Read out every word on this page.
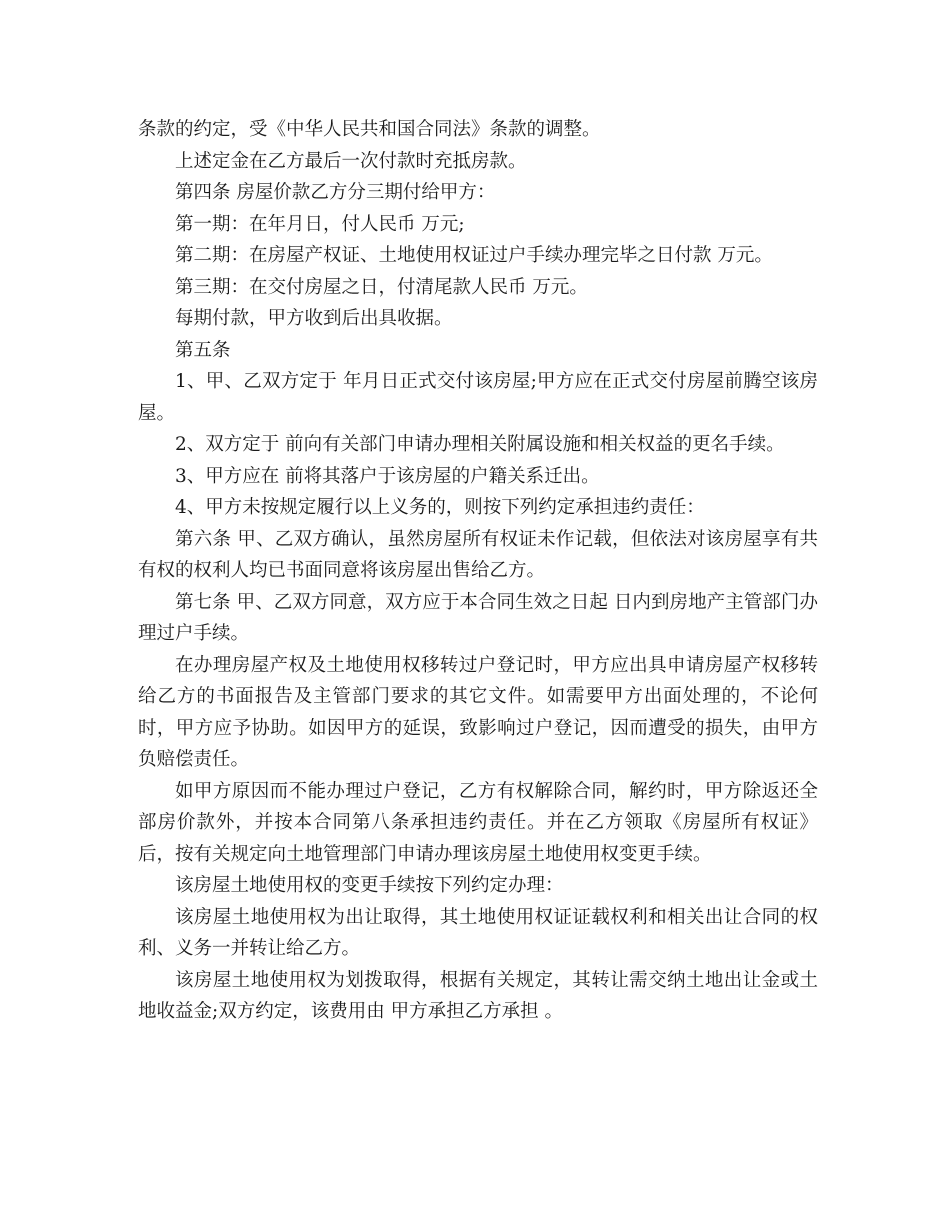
条款的约定，受《中华人民共和国合同法》条款的调整。

上述定金在乙方最后一次付款时充抵房款。

第四条 房屋价款乙方分三期付给甲方：

第一期：在年月日，付人民币 万元;

第二期：在房屋产权证、土地使用权证过户手续办理完毕之日付款 万元。

第三期：在交付房屋之日，付清尾款人民币 万元。

每期付款，甲方收到后出具收据。

第五条

1、甲、乙双方定于 年月日正式交付该房屋;甲方应在正式交付房屋前腾空该房屋。

2、双方定于 前向有关部门申请办理相关附属设施和相关权益的更名手续。

3、甲方应在 前将其落户于该房屋的户籍关系迁出。

4、甲方未按规定履行以上义务的，则按下列约定承担违约责任：

第六条 甲、乙双方确认，虽然房屋所有权证未作记载，但依法对该房屋享有共有权的权利人均已书面同意将该房屋出售给乙方。

第七条 甲、乙双方同意，双方应于本合同生效之日起 日内到房地产主管部门办理过户手续。

在办理房屋产权及土地使用权移转过户登记时，甲方应出具申请房屋产权移转给乙方的书面报告及主管部门要求的其它文件。如需要甲方出面处理的，不论何时，甲方应予协助。如因甲方的延误，致影响过户登记，因而遭受的损失，由甲方负赔偿责任。

如甲方原因而不能办理过户登记，乙方有权解除合同，解约时，甲方除返还全部房价款外，并按本合同第八条承担违约责任。并在乙方领取《房屋所有权证》后，按有关规定向土地管理部门申请办理该房屋土地使用权变更手续。

该房屋土地使用权的变更手续按下列约定办理：

该房屋土地使用权为出让取得，其土地使用权证证载权利和相关出让合同的权利、义务一并转让给乙方。

该房屋土地使用权为划拨取得，根据有关规定，其转让需交纳土地出让金或土地收益金;双方约定，该费用由 甲方承担乙方承担 。
